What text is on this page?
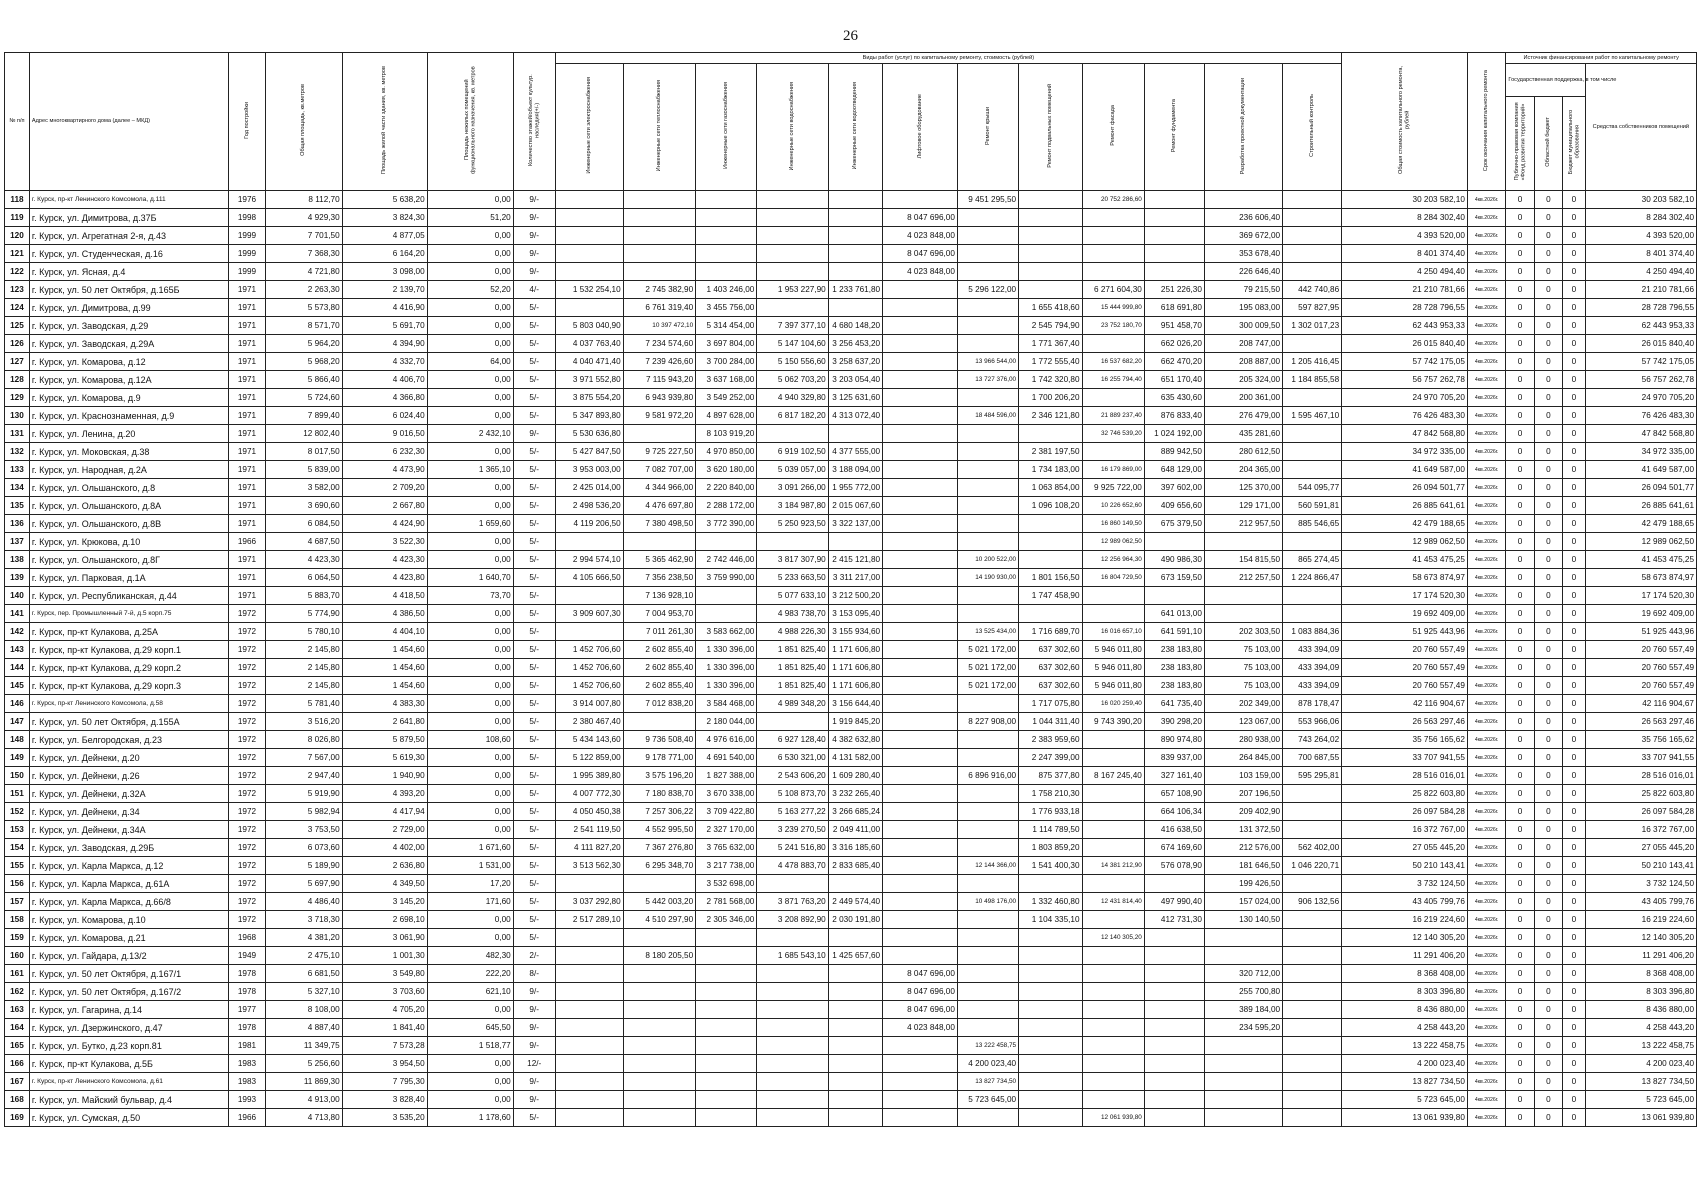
26
№ п/п	Адрес многоквартирного дома (далее – МКД)	Год постройки	Общая площадь, кв.метров	Площадь жилой части здания, кв. метров	Площадь нежилых помещений функционального назначения, кв. метров	Количество этажей/объект культур. наследия(+/-)	Виды работ (услуг) по капитальному ремонту, стоимость (рублей)												Общая стоимость капитального ремонта, рублей	Срок окончания капитального ремонта	Источник финансирования работ по капитальному ремонту			
							Инженерные сети электроснабжения	Инженерные сети теплоснабжения	Инженерные сети газоснабжения	Инженерные сети водоснабжения	Инженерные сети водоотведения	Лифтовое оборудование	Ремонт крыши	Ремонт подвальных помещений	Ремонт фасада	Ремонт фундамента	Разработка проектной документации	Строительный контроль			Государственная поддержка, в том числе			Средства собственников помещений
																					Публично-правовая компания «Фонд развития территорий»	Областной бюджет	Бюджет муниципального образования	
118	г. Курск, пр-кт Ленинского Комсомола, д.111	1976	8 112,70	5 638,20	0,00	9/-							9 451 295,50		20 752 286,60				30 203 582,10	4кв.2026г.	0	0	0	30 203 582,10
119	г. Курск, ул. Димитрова, д.37Б	1998	4 929,30	3 824,30	51,20	9/-						8 047 696,00					236 606,40		8 284 302,40	4кв.2026г.	0	0	0	8 284 302,40
120	г. Курск, ул. Агрегатная 2-я, д.43	1999	7 701,50	4 877,05	0,00	9/-						4 023 848,00					369 672,00		4 393 520,00	4кв.2026г.	0	0	0	4 393 520,00
121	г. Курск, ул. Студенческая, д.16	1999	7 368,30	6 164,20	0,00	9/-						8 047 696,00					353 678,40		8 401 374,40	4кв.2026г.	0	0	0	8 401 374,40
122	г. Курск, ул. Ясная, д.4	1999	4 721,80	3 098,00	0,00	9/-						4 023 848,00					226 646,40		4 250 494,40	4кв.2026г.	0	0	0	4 250 494,40
123	г. Курск, ул. 50 лет Октября, д.165Б	1971	2 263,30	2 139,70	52,20	4/-	1 532 254,10	2 745 382,90	1 403 246,00	1 953 227,90	1 233 761,80		5 296 122,00		6 271 604,30	251 226,30	79 215,50	442 740,86	21 210 781,66	4кв.2026г.	0	0	0	21 210 781,66
124	г. Курск, ул. Димитрова, д.99	1971	5 573,80	4 416,90	0,00	5/-		6 761 319,40	3 455 756,00					1 655 418,60	15 444 999,80	618 691,80	195 083,00	597 827,95	28 728 796,55	4кв.2026г.	0	0	0	28 728 796,55
125	г. Курск, ул. Заводская, д.29	1971	8 571,70	5 691,70	0,00	5/-	5 803 040,90	10 397 472,10	5 314 454,00	7 397 377,10	4 680 148,20			2 545 794,90	23 752 180,70	951 458,70	300 009,50	1 302 017,23	62 443 953,33	4кв.2026г.	0	0	0	62 443 953,33
126	г. Курск, ул. Заводская, д.29А	1971	5 964,20	4 394,90	0,00	5/-	4 037 763,40	7 234 574,60	3 697 804,00	5 147 104,60	3 256 453,20			1 771 367,40		662 026,20	208 747,00		26 015 840,40	4кв.2026г.	0	0	0	26 015 840,40
127	г. Курск, ул. Комарова, д.12	1971	5 968,20	4 332,70	64,00	5/-	4 040 471,40	7 239 426,60	3 700 284,00	5 150 556,60	3 258 637,20		13 966 544,00	1 772 555,40	16 537 682,20	662 470,20	208 887,00	1 205 416,45	57 742 175,05	4кв.2026г.	0	0	0	57 742 175,05
128	г. Курск, ул. Комарова, д.12А	1971	5 866,40	4 406,70	0,00	5/-	3 971 552,80	7 115 943,20	3 637 168,00	5 062 703,20	3 203 054,40		13 727 376,00	1 742 320,80	16 255 794,40	651 170,40	205 324,00	1 184 855,58	56 757 262,78	4кв.2026г.	0	0	0	56 757 262,78
129	г. Курск, ул. Комарова, д.9	1971	5 724,60	4 366,80	0,00	5/-	3 875 554,20	6 943 939,80	3 549 252,00	4 940 329,80	3 125 631,60			1 700 206,20		635 430,60	200 361,00		24 970 705,20	4кв.2026г.	0	0	0	24 970 705,20
130	г. Курск, ул. Краснознаменная, д.9	1971	7 899,40	6 024,40	0,00	5/-	5 347 893,80	9 581 972,20	4 897 628,00	6 817 182,20	4 313 072,40		18 484 596,00	2 346 121,80	21 889 237,40	876 833,40	276 479,00	1 595 467,10	76 426 483,30	4кв.2026г.	0	0	0	76 426 483,30
131	г. Курск, ул. Ленина, д.20	1971	12 802,40	9 016,50	2 432,10	9/-	5 530 636,80		8 103 919,20						32 746 539,20	1 024 192,00	435 281,60		47 842 568,80	4кв.2026г.	0	0	0	47 842 568,80
132	г. Курск, ул. Моковская, д.38	1971	8 017,50	6 232,30	0,00	5/-	5 427 847,50	9 725 227,50	4 970 850,00	6 919 102,50	4 377 555,00			2 381 197,50		889 942,50	280 612,50		34 972 335,00	4кв.2026г.	0	0	0	34 972 335,00
133	г. Курск, ул. Народная, д.2А	1971	5 839,00	4 473,90	1 365,10	5/-	3 953 003,00	7 082 707,00	3 620 180,00	5 039 057,00	3 188 094,00			1 734 183,00	16 179 869,00	648 129,00	204 365,00		41 649 587,00	4кв.2026г.	0	0	0	41 649 587,00
134	г. Курск, ул. Ольшанского, д.8	1971	3 582,00	2 709,20	0,00	5/-	2 425 014,00	4 344 966,00	2 220 840,00	3 091 266,00	1 955 772,00			1 063 854,00	9 925 722,00	397 602,00	125 370,00	544 095,77	26 094 501,77	4кв.2026г.	0	0	0	26 094 501,77
135	г. Курск, ул. Ольшанского, д.8А	1971	3 690,60	2 667,80	0,00	5/-	2 498 536,20	4 476 697,80	2 288 172,00	3 184 987,80	2 015 067,60			1 096 108,20	10 226 652,60	409 656,60	129 171,00	560 591,81	26 885 641,61	4кв.2026г.	0	0	0	26 885 641,61
136	г. Курск, ул. Ольшанского, д.8В	1971	6 084,50	4 424,90	1 659,60	5/-	4 119 206,50	7 380 498,50	3 772 390,00	5 250 923,50	3 322 137,00				16 860 149,50	675 379,50	212 957,50	885 546,65	42 479 188,65	4кв.2026г.	0	0	0	42 479 188,65
137	г. Курск, ул. Крюкова, д.10	1966	4 687,50	3 522,30	0,00	5/-									12 989 062,50				12 989 062,50	4кв.2026г.	0	0	0	12 989 062,50
138	г. Курск, ул. Ольшанского, д.8Г	1971	4 423,30	4 423,30	0,00	5/-	2 994 574,10	5 365 462,90	2 742 446,00	3 817 307,90	2 415 121,80		10 200 522,00		12 256 964,30	490 986,30	154 815,50	865 274,45	41 453 475,25	4кв.2026г.	0	0	0	41 453 475,25
139	г. Курск, ул. Парковая, д.1А	1971	6 064,50	4 423,80	1 640,70	5/-	4 105 666,50	7 356 238,50	3 759 990,00	5 233 663,50	3 311 217,00		14 190 930,00	1 801 156,50	16 804 729,50	673 159,50	212 257,50	1 224 866,47	58 673 874,97	4кв.2026г.	0	0	0	58 673 874,97
140	г. Курск, ул. Республиканская, д.44	1971	5 883,70	4 418,50	73,70	5/-		7 136 928,10		5 077 633,10	3 212 500,20			1 747 458,90					17 174 520,30	4кв.2026г.	0	0	0	17 174 520,30
141	г. Курск, пер. Промышленный 7-й, д.5 корп.75	1972	5 774,90	4 386,50	0,00	5/-	3 909 607,30	7 004 953,70		4 983 738,70	3 153 095,40					641 013,00			19 692 409,00	4кв.2026г.	0	0	0	19 692 409,00
142	г. Курск, пр-кт Кулакова, д.25А	1972	5 780,10	4 404,10	0,00	5/-		7 011 261,30	3 583 662,00	4 988 226,30	3 155 934,60		13 525 434,00	1 716 689,70	16 016 657,10	641 591,10	202 303,50	1 083 884,36	51 925 443,96	4кв.2026г.	0	0	0	51 925 443,96
143	г. Курск, пр-кт Кулакова, д.29 корп.1	1972	2 145,80	1 454,60	0,00	5/-	1 452 706,60	2 602 855,40	1 330 396,00	1 851 825,40	1 171 606,80		5 021 172,00	637 302,60	5 946 011,80	238 183,80	75 103,00	433 394,09	20 760 557,49	4кв.2026г.	0	0	0	20 760 557,49
144	г. Курск, пр-кт Кулакова, д.29 корп.2	1972	2 145,80	1 454,60	0,00	5/-	1 452 706,60	2 602 855,40	1 330 396,00	1 851 825,40	1 171 606,80		5 021 172,00	637 302,60	5 946 011,80	238 183,80	75 103,00	433 394,09	20 760 557,49	4кв.2026г.	0	0	0	20 760 557,49
145	г. Курск, пр-кт Кулакова, д.29 корп.3	1972	2 145,80	1 454,60	0,00	5/-	1 452 706,60	2 602 855,40	1 330 396,00	1 851 825,40	1 171 606,80		5 021 172,00	637 302,60	5 946 011,80	238 183,80	75 103,00	433 394,09	20 760 557,49	4кв.2026г.	0	0	0	20 760 557,49
146	г. Курск, пр-кт Ленинского Комсомола, д.58	1972	5 781,40	4 383,30	0,00	5/-	3 914 007,80	7 012 838,20	3 584 468,00	4 989 348,20	3 156 644,40			1 717 075,80	16 020 259,40	641 735,40	202 349,00	878 178,47	42 116 904,67	4кв.2026г.	0	0	0	42 116 904,67
147	г. Курск, ул. 50 лет Октября, д.155А	1972	3 516,20	2 641,80	0,00	5/-	2 380 467,40		2 180 044,00		1 919 845,20		8 227 908,00	1 044 311,40	9 743 390,20	390 298,20	123 067,00	553 966,06	26 563 297,46	4кв.2026г.	0	0	0	26 563 297,46
148	г. Курск, ул. Белгородская, д.23	1972	8 026,80	5 879,50	108,60	5/-	5 434 143,60	9 736 508,40	4 976 616,00	6 927 128,40	4 382 632,80			2 383 959,60		890 974,80	280 938,00	743 264,02	35 756 165,62	4кв.2026г.	0	0	0	35 756 165,62
149	г. Курск, ул. Дейнеки, д.20	1972	7 567,00	5 619,30	0,00	5/-	5 122 859,00	9 178 771,00	4 691 540,00	6 530 321,00	4 131 582,00			2 247 399,00		839 937,00	264 845,00	700 687,55	33 707 941,55	4кв.2026г.	0	0	0	33 707 941,55
150	г. Курск, ул. Дейнеки, д.26	1972	2 947,40	1 940,90	0,00	5/-	1 995 389,80	3 575 196,20	1 827 388,00	2 543 606,20	1 609 280,40		6 896 916,00	875 377,80	8 167 245,40	327 161,40	103 159,00	595 295,81	28 516 016,01	4кв.2026г.	0	0	0	28 516 016,01
151	г. Курск, ул. Дейнеки, д.32А	1972	5 919,90	4 393,20	0,00	5/-	4 007 772,30	7 180 838,70	3 670 338,00	5 108 873,70	3 232 265,40			1 758 210,30		657 108,90	207 196,50		25 822 603,80	4кв.2026г.	0	0	0	25 822 603,80
152	г. Курск, ул. Дейнеки, д.34	1972	5 982,94	4 417,94	0,00	5/-	4 050 450,38	7 257 306,22	3 709 422,80	5 163 277,22	3 266 685,24			1 776 933,18		664 106,34	209 402,90		26 097 584,28	4кв.2026г.	0	0	0	26 097 584,28
153	г. Курск, ул. Дейнеки, д.34А	1972	3 753,50	2 729,00	0,00	5/-	2 541 119,50	4 552 995,50	2 327 170,00	3 239 270,50	2 049 411,00			1 114 789,50		416 638,50	131 372,50		16 372 767,00	4кв.2026г.	0	0	0	16 372 767,00
154	г. Курск, ул. Заводская, д.29Б	1972	6 073,60	4 402,00	1 671,60	5/-	4 111 827,20	7 367 276,80	3 765 632,00	5 241 516,80	3 316 185,60			1 803 859,20		674 169,60	212 576,00	562 402,00	27 055 445,20	4кв.2026г.	0	0	0	27 055 445,20
155	г. Курск, ул. Карла Маркса, д.12	1972	5 189,90	2 636,80	1 531,00	5/-	3 513 562,30	6 295 348,70	3 217 738,00	4 478 883,70	2 833 685,40		12 144 366,00	1 541 400,30	14 381 212,90	576 078,90	181 646,50	1 046 220,71	50 210 143,41	4кв.2026г.	0	0	0	50 210 143,41
156	г. Курск, ул. Карла Маркса, д.61А	1972	5 697,90	4 349,50	17,20	5/-			3 532 698,00								199 426,50		3 732 124,50	4кв.2026г.	0	0	0	3 732 124,50
157	г. Курск, ул. Карла Маркса, д.66/8	1972	4 486,40	3 145,20	171,60	5/-	3 037 292,80	5 442 003,20	2 781 568,00	3 871 763,20	2 449 574,40		10 498 176,00	1 332 460,80	12 431 814,40	497 990,40	157 024,00	906 132,56	43 405 799,76	4кв.2026г.	0	0	0	43 405 799,76
158	г. Курск, ул. Комарова, д.10	1972	3 718,30	2 698,10	0,00	5/-	2 517 289,10	4 510 297,90	2 305 346,00	3 208 892,90	2 030 191,80			1 104 335,10		412 731,30	130 140,50		16 219 224,60	4кв.2026г.	0	0	0	16 219 224,60
159	г. Курск, ул. Комарова, д.21	1968	4 381,20	3 061,90	0,00	5/-									12 140 305,20				12 140 305,20	4кв.2026г.	0	0	0	12 140 305,20
160	г. Курск, ул. Гайдара, д.13/2	1949	2 475,10	1 001,30	482,30	2/-		8 180 205,50		1 685 543,10	1 425 657,60								11 291 406,20	4кв.2026г.	0	0	0	11 291 406,20
161	г. Курск, ул. 50 лет Октября, д.167/1	1978	6 681,50	3 549,80	222,20	8/-						8 047 696,00					320 712,00		8 368 408,00	4кв.2026г.	0	0	0	8 368 408,00
162	г. Курск, ул. 50 лет Октября, д.167/2	1978	5 327,10	3 703,60	621,10	9/-						8 047 696,00					255 700,80		8 303 396,80	4кв.2026г.	0	0	0	8 303 396,80
163	г. Курск, ул. Гагарина, д.14	1977	8 108,00	4 705,20	0,00	9/-						8 047 696,00					389 184,00		8 436 880,00	4кв.2026г.	0	0	0	8 436 880,00
164	г. Курск, ул. Дзержинского, д.47	1978	4 887,40	1 841,40	645,50	9/-						4 023 848,00					234 595,20		4 258 443,20	4кв.2026г.	0	0	0	4 258 443,20
165	г. Курск, ул. Бутко, д.23 корп.81	1981	11 349,75	7 573,28	1 518,77	9/-							13 222 458,75						13 222 458,75	4кв.2026г.	0	0	0	13 222 458,75
166	г. Курск, пр-кт Кулакова, д.5Б	1983	5 256,60	3 954,50	0,00	12/-							4 200 023,40						4 200 023,40	4кв.2026г.	0	0	0	4 200 023,40
167	г. Курск, пр-кт Ленинского Комсомола, д.61	1983	11 869,30	7 795,30	0,00	9/-							13 827 734,50						13 827 734,50	4кв.2026г.	0	0	0	13 827 734,50
168	г. Курск, ул. Майский бульвар, д.4	1993	4 913,00	3 828,40	0,00	9/-							5 723 645,00						5 723 645,00	4кв.2026г.	0	0	0	5 723 645,00
169	г. Курск, ул. Сумская, д.50	1966	4 713,80	3 535,20	1 178,60	5/-									12 061 939,80				13 061 939,80	4кв.2026г.	0	0	0	13 061 939,80
